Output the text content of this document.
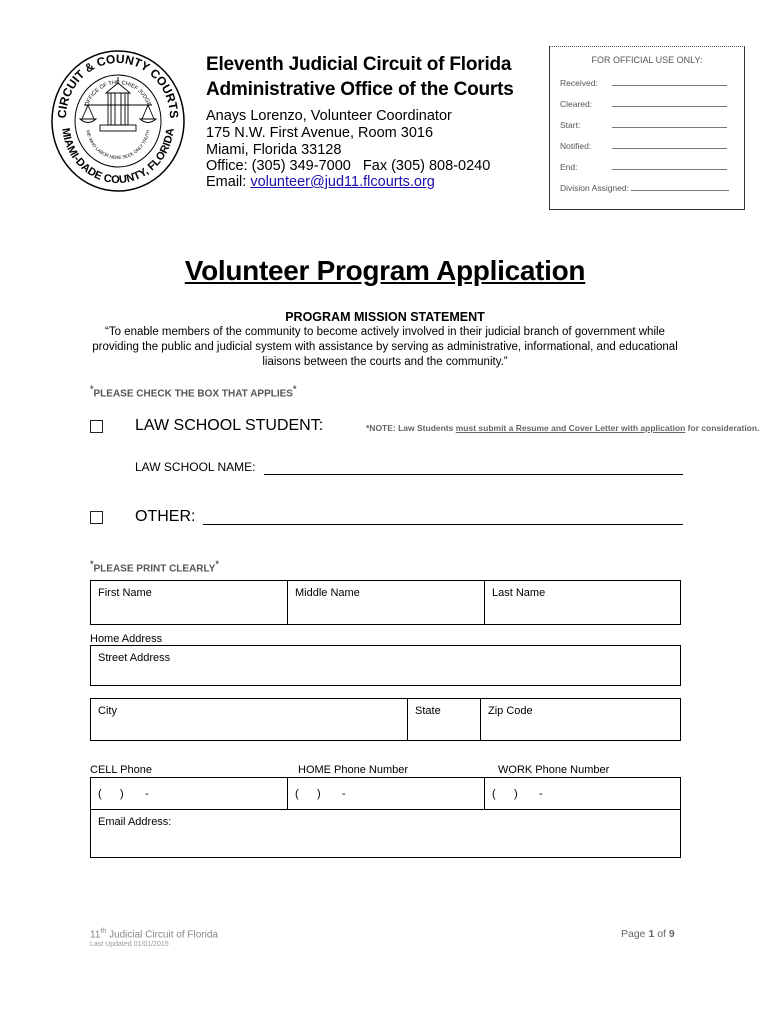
CIRCUIT & COUNTY COURTS
MIAMI-DADE COUNTY, FLORIDA
OFFICE OF THE CHIEF JUDGE
WE WHO LABOR HERE SEEK ONLY TRUTH
Eleventh Judicial Circuit of Florida
Administrative Office of the Courts
Anays Lorenzo, Volunteer Coordinator
175 N.W. First Avenue, Room 3016
Miami, Florida 33128
Office: (305) 349-7000   Fax (305) 808-0240
Email: volunteer@jud11.flcourts.org
FOR OFFICIAL USE ONLY:
Received:
Cleared:
Start:
Notified:
End:
Division Assigned:
Volunteer Program Application
PROGRAM MISSION STATEMENT
“To enable members of the community to become actively involved in their judicial branch of government while providing the public and judicial system with assistance by serving as administrative, informational, and educational liaisons between the courts and the community.”
*PLEASE CHECK THE BOX THAT APPLIES*
LAW SCHOOL STUDENT:	*NOTE: Law Students must submit a Resume and Cover Letter with application for consideration.
LAW SCHOOL NAME:
OTHER:
*PLEASE PRINT CLEARLY*
First Name	Middle Name	Last Name
Home Address
Street Address
City	State	Zip Code
CELL Phone	HOME Phone Number	WORK Phone Number
(      )       -	(      )       -	(      )       -
Email Address:
11th Judicial Circuit of Florida
Last Updated 01/01/2015
Page 1 of 9
